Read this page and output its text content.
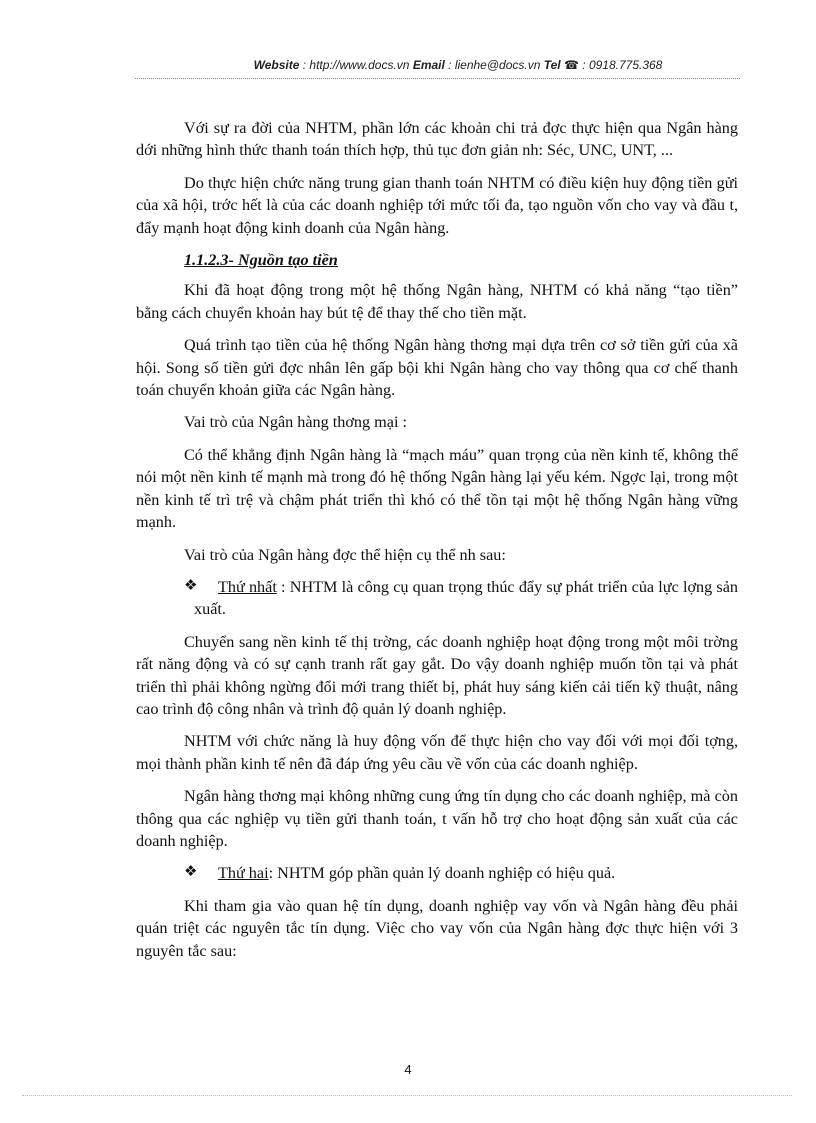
Website : http://www.docs.vn Email : lienhe@docs.vn Tel ☎ : 0918.775.368

Với sự ra đời của NHTM, phần lớn các khoản chi trả đợc thực hiện qua Ngân hàng dới những hình thức thanh toán thích hợp, thủ tục đơn giản nh: Séc, UNC, UNT, ...

Do thực hiện chức năng trung gian thanh toán NHTM có điều kiện huy động tiền gửi của xã hội, trớc hết là của các doanh nghiệp tới mức tối đa, tạo nguồn vốn cho vay và đầu t, đẩy mạnh hoạt động kinh doanh của Ngân hàng.

1.1.2.3- Nguồn tạo tiền

Khi đã hoạt động trong một hệ thống Ngân hàng, NHTM có khả năng “tạo tiền” bằng cách chuyển khoản hay bút tệ để thay thế cho tiền mặt.

Quá trình tạo tiền của hệ thống Ngân hàng thơng mại dựa trên cơ sở tiền gửi của xã hội. Song số tiền gửi đợc nhân lên gấp bội khi Ngân hàng cho vay thông qua cơ chế thanh toán chuyển khoản giữa các Ngân hàng.

Vai trò của Ngân hàng thơng mại :

Có thể khẳng định Ngân hàng là “mạch máu” quan trọng của nền kinh tế, không thể nói một nền kinh tế mạnh mà trong đó hệ thống Ngân hàng lại yếu kém. Ngợc lại, trong một nền kinh tế trì trệ và chậm phát triển thì khó có thể tồn tại một hệ thống Ngân hàng vững mạnh.

Vai trò của Ngân hàng đợc thể hiện cụ thể nh sau:

❖	Thứ nhất : NHTM là công cụ quan trọng thúc đẩy sự phát triển của lực lợng sản xuất.

Chuyển sang nền kinh tế thị trờng, các doanh nghiệp hoạt động trong một môi trờng rất năng động và có sự cạnh tranh rất gay gắt. Do vậy doanh nghiệp muốn tồn tại và phát triển thì phải không ngừng đổi mới trang thiết bị, phát huy sáng kiến cải tiến kỹ thuật, nâng cao trình độ công nhân và trình độ quản lý doanh nghiệp.

NHTM với chức năng là huy động vốn để thực hiện cho vay đối với mọi đối tợng, mọi thành phần kinh tế nên đã đáp ứng yêu cầu về vốn của các doanh nghiệp.

Ngân hàng thơng mại không những cung ứng tín dụng cho các doanh nghiệp, mà còn thông qua các nghiệp vụ tiền gửi thanh toán, t vấn hỗ trợ cho hoạt động sản xuất của các doanh nghiệp.

❖	Thứ hai: NHTM góp phần quản lý doanh nghiệp có hiệu quả.

Khi tham gia vào quan hệ tín dụng, doanh nghiệp vay vốn và Ngân hàng đều phải quán triệt các nguyên tắc tín dụng. Việc cho vay vốn của Ngân hàng đợc thực hiện với 3 nguyên tắc sau:

4
